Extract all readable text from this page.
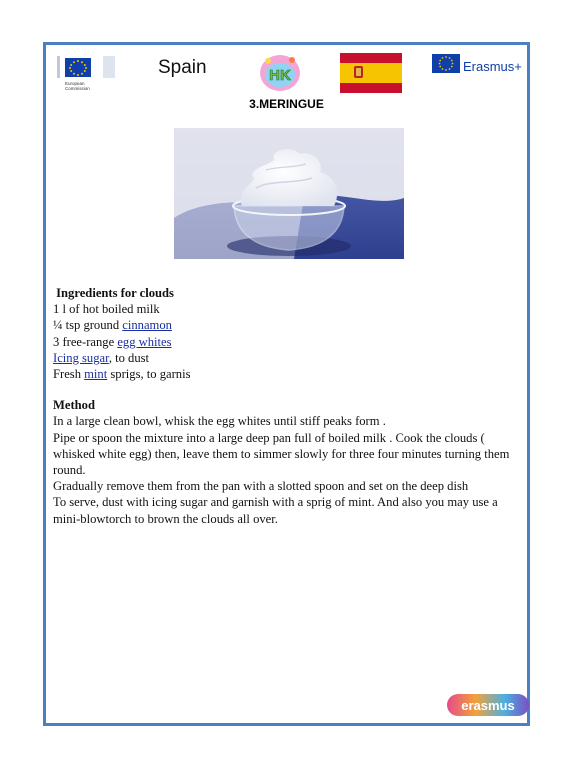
European
Commission
Spain	HK
Erasmus+
3.MERINGUE

Ingredients for clouds

1 l of hot boiled milk

¼ tsp ground cinnamon

3 free-range egg whites

Icing sugar, to dust

Fresh mint sprigs, to garnis

Method

In a large clean bowl, whisk the egg whites until stiff peaks form .

Pipe or spoon the mixture into a large deep pan full of boiled milk . Cook the clouds ( whisked white egg) then, leave them to simmer slowly for three four minutes turning them round.

Gradually remove them from the pan with a slotted spoon and set on the deep dish

To serve, dust with icing sugar and garnish with a sprig of mint. And also you may use a mini-blowtorch to brown the clouds all over.

erasmus
